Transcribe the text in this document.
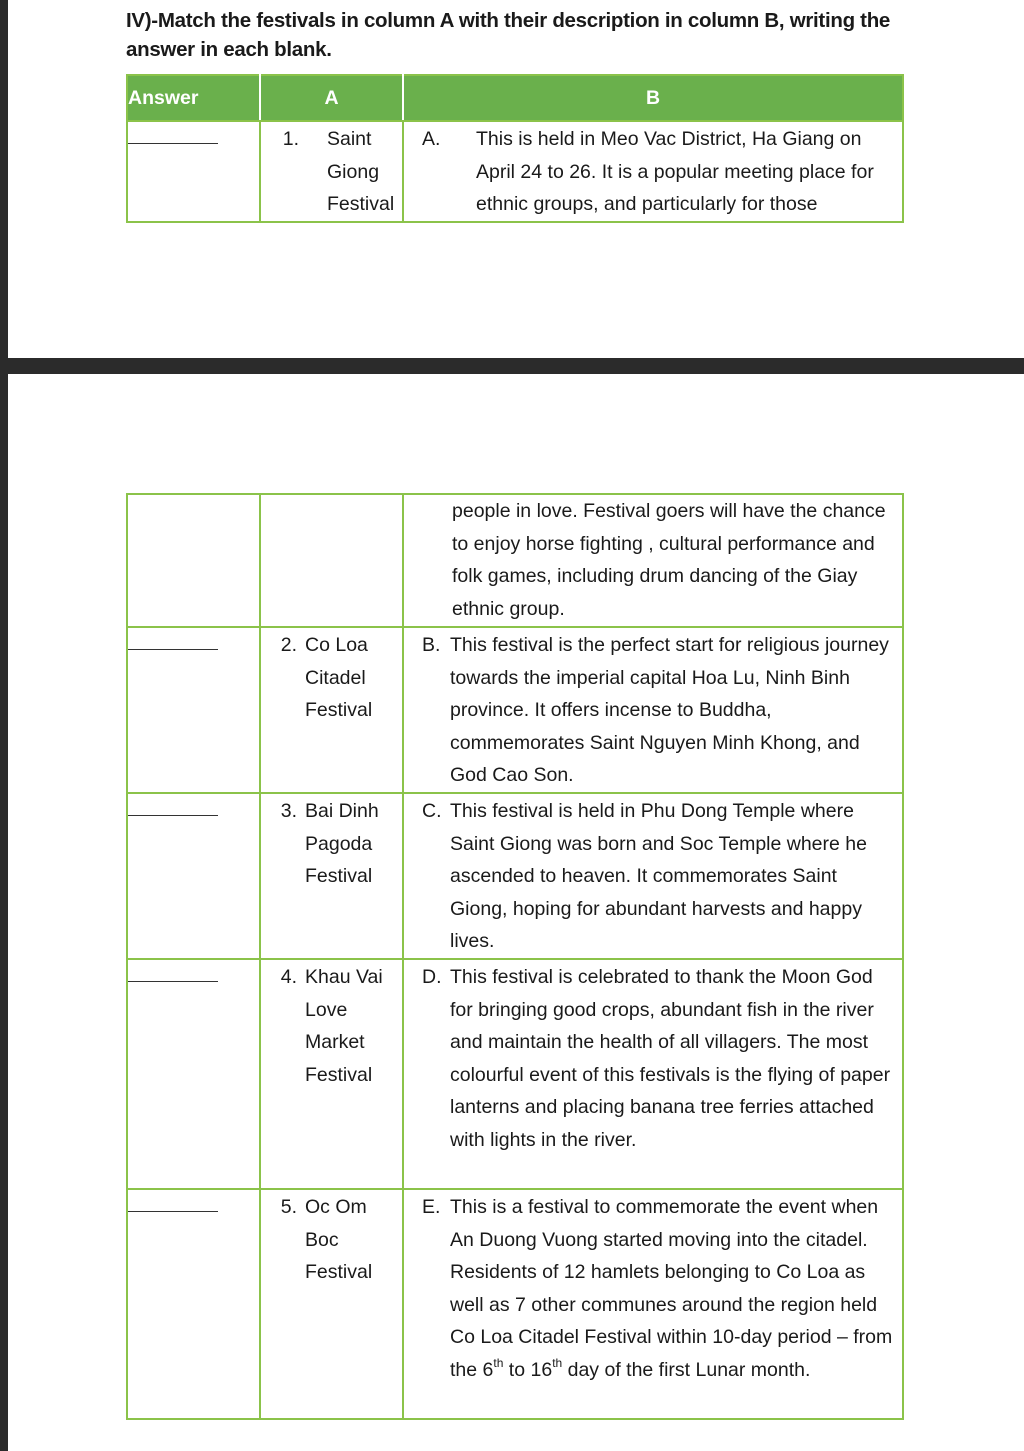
IV)-Match the festivals in column A with their description in column B, writing the answer in each blank.

Answer	A	B

	1. Saint Giong Festival	A. This is held in Meo Vac District, Ha Giang on April 24 to 26. It is a popular meeting place for ethnic groups, and particularly for those
		people in love. Festival goers will have the chance to enjoy horse fighting , cultural performance and folk games, including drum dancing of the Giay ethnic group.

	2. Co Loa Citadel Festival	B. This festival is the perfect start for religious journey towards the imperial capital Hoa Lu, Ninh Binh province. It offers incense to Buddha, commemorates Saint Nguyen Minh Khong, and God Cao Son.

	3. Bai Dinh Pagoda Festival	C. This festival is held in Phu Dong Temple where Saint Giong was born and Soc Temple where he ascended to heaven. It commemorates Saint Giong, hoping for abundant harvests and happy lives.

	4. Khau Vai Love Market Festival	D. This festival is celebrated to thank the Moon God for bringing good crops, abundant fish in the river and maintain the health of all villagers. The most colourful event of this festivals is the flying of paper lanterns and placing banana tree ferries attached with lights in the river.

	5. Oc Om Boc Festival	E. This is a festival to commemorate the event when An Duong Vuong started moving into the citadel. Residents of 12 hamlets belonging to Co Loa as well as 7 other communes around the region held Co Loa Citadel Festival within 10-day period – from the 6th to 16th day of the first Lunar month.
